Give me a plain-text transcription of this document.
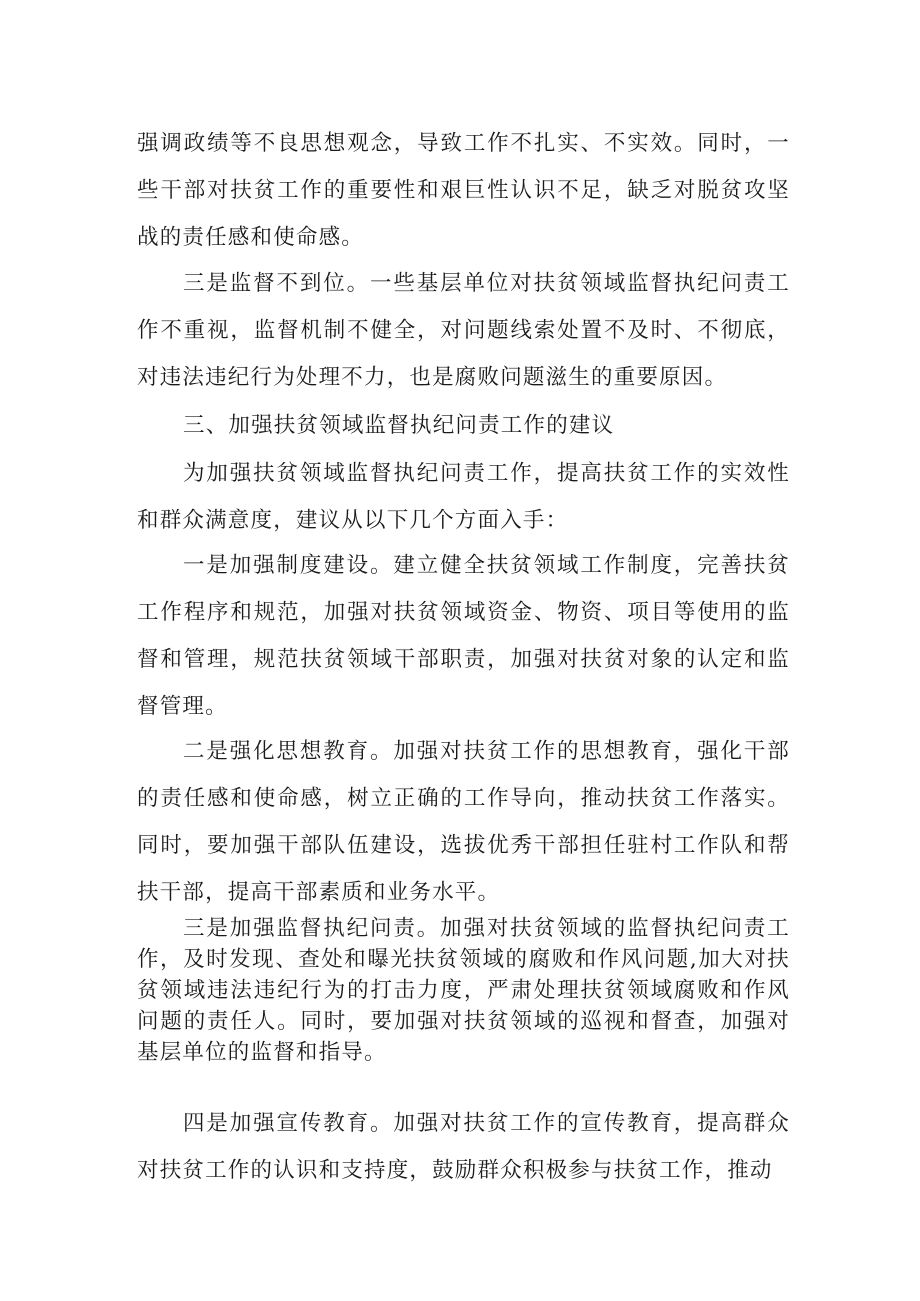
强调政绩等不良思想观念，导致工作不扎实、不实效。同时，一些干部对扶贫工作的重要性和艰巨性认识不足，缺乏对脱贫攻坚战的责任感和使命感。

三是监督不到位。一些基层单位对扶贫领域监督执纪问责工作不重视，监督机制不健全，对问题线索处置不及时、不彻底，对违法违纪行为处理不力，也是腐败问题滋生的重要原因。

三、加强扶贫领域监督执纪问责工作的建议

为加强扶贫领域监督执纪问责工作，提高扶贫工作的实效性和群众满意度，建议从以下几个方面入手：

一是加强制度建设。建立健全扶贫领域工作制度，完善扶贫工作程序和规范，加强对扶贫领域资金、物资、项目等使用的监督和管理，规范扶贫领域干部职责，加强对扶贫对象的认定和监督管理。

二是强化思想教育。加强对扶贫工作的思想教育，强化干部的责任感和使命感，树立正确的工作导向，推动扶贫工作落实。同时，要加强干部队伍建设，选拔优秀干部担任驻村工作队和帮扶干部，提高干部素质和业务水平。

三是加强监督执纪问责。加强对扶贫领域的监督执纪问责工作，及时发现、查处和曝光扶贫领域的腐败和作风问题,加大对扶贫领域违法违纪行为的打击力度，严肃处理扶贫领域腐败和作风问题的责任人。同时，要加强对扶贫领域的巡视和督查，加强对基层单位的监督和指导。

四是加强宣传教育。加强对扶贫工作的宣传教育，提高群众对扶贫工作的认识和支持度，鼓励群众积极参与扶贫工作，推动
